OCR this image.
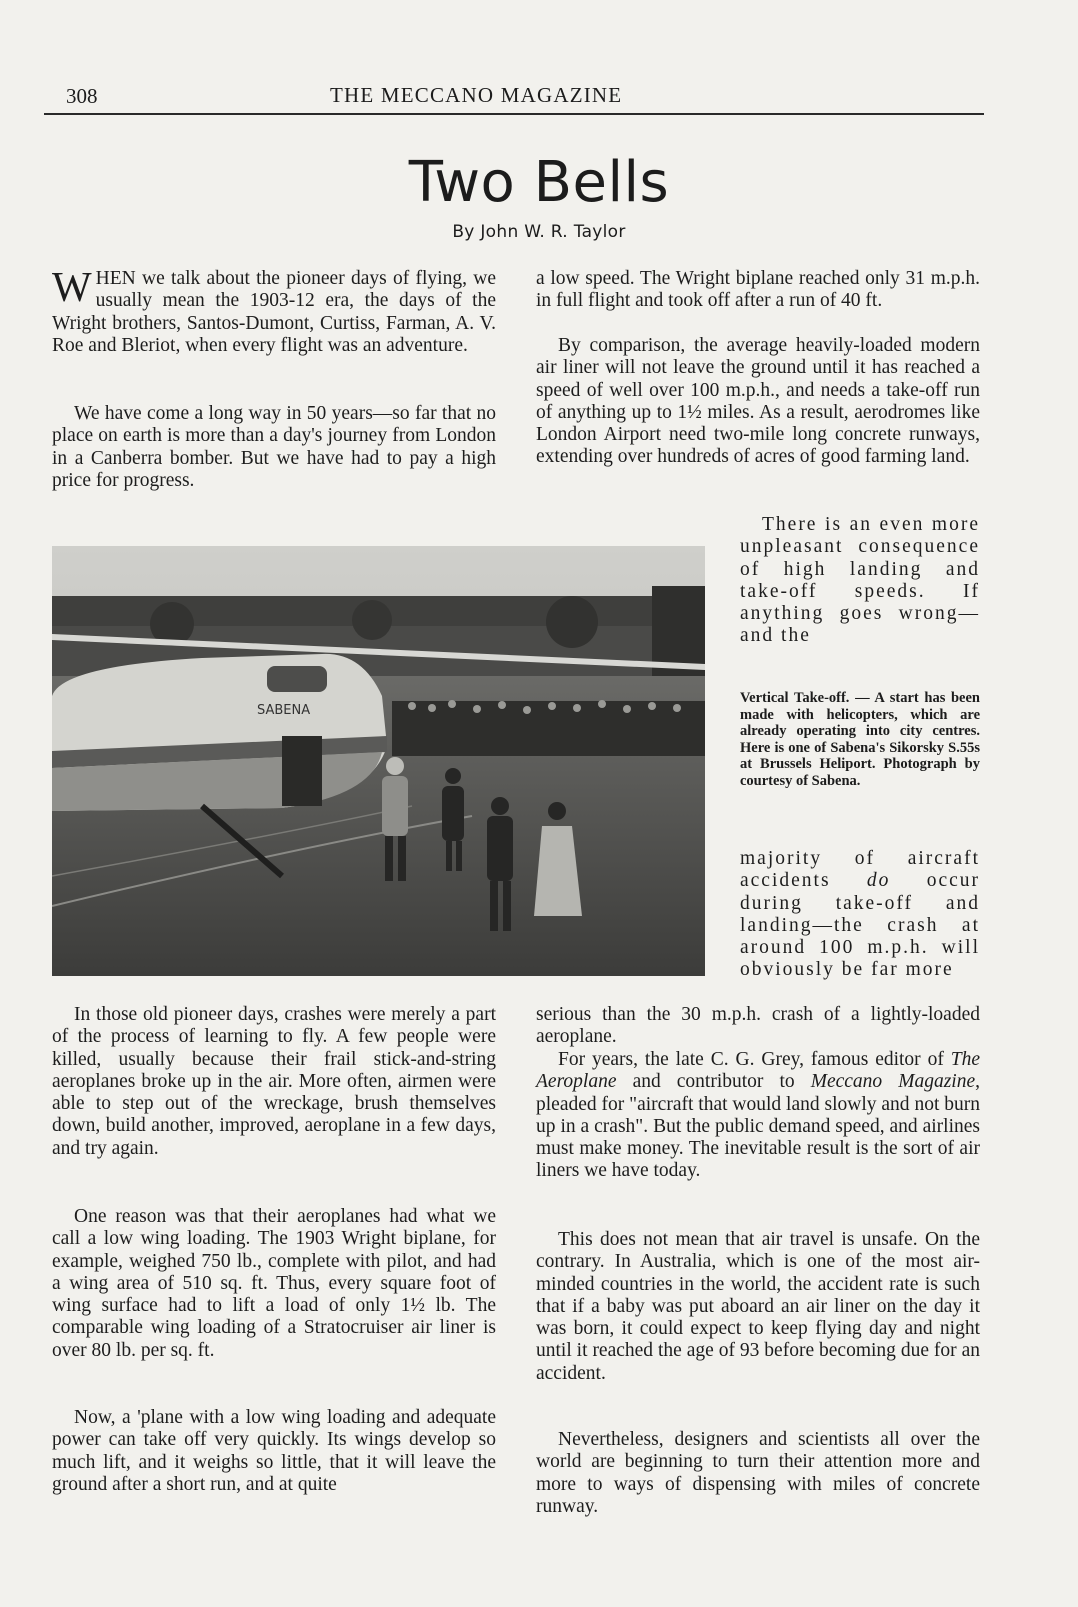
308	THE MECCANO MAGAZINE
Two Bells
By John W. R. Taylor

WHEN we talk about the pioneer days of flying, we usually mean the 1903-12 era, the days of the Wright brothers, Santos-Dumont, Curtiss, Farman, A. V. Roe and Bleriot, when every flight was an adventure.

We have come a long way in 50 years—so far that no place on earth is more than a day's journey from London in a Canberra bomber. But we have had to pay a high price for progress.

a low speed. The Wright biplane reached only 31 m.p.h. in full flight and took off after a run of 40 ft.

By comparison, the average heavily-loaded modern air liner will not leave the ground until it has reached a speed of well over 100 m.p.h., and needs a take-off run of anything up to 1½ miles. As a result, aerodromes like London Airport need two-mile long concrete runways, extending over hundreds of acres of good farming land.

There is an even more unpleasant consequence of high landing and take-off speeds. If anything goes wrong—and the

SABENA

Vertical Take-off. — A start has been made with helicopters, which are already operating into city centres. Here is one of Sabena's Sikorsky S.55s at Brussels Heliport. Photograph by courtesy of Sabena.

majority of aircraft accidents do occur during take-off and landing—the crash at around 100 m.p.h. will obviously be far more

In those old pioneer days, crashes were merely a part of the process of learning to fly. A few people were killed, usually because their frail stick-and-string aeroplanes broke up in the air. More often, airmen were able to step out of the wreckage, brush themselves down, build another, improved, aeroplane in a few days, and try again.

One reason was that their aeroplanes had what we call a low wing loading. The 1903 Wright biplane, for example, weighed 750 lb., complete with pilot, and had a wing area of 510 sq. ft. Thus, every square foot of wing surface had to lift a load of only 1½ lb. The comparable wing loading of a Stratocruiser air liner is over 80 lb. per sq. ft.

Now, a 'plane with a low wing loading and adequate power can take off very quickly. Its wings develop so much lift, and it weighs so little, that it will leave the ground after a short run, and at quite

serious than the 30 m.p.h. crash of a lightly-loaded aeroplane.

For years, the late C. G. Grey, famous editor of The Aeroplane and contributor to Meccano Magazine, pleaded for "aircraft that would land slowly and not burn up in a crash". But the public demand speed, and airlines must make money. The inevitable result is the sort of air liners we have today.

This does not mean that air travel is unsafe. On the contrary. In Australia, which is one of the most air-minded countries in the world, the accident rate is such that if a baby was put aboard an air liner on the day it was born, it could expect to keep flying day and night until it reached the age of 93 before becoming due for an accident.

Nevertheless, designers and scientists all over the world are beginning to turn their attention more and more to ways of dispensing with miles of concrete runway.
